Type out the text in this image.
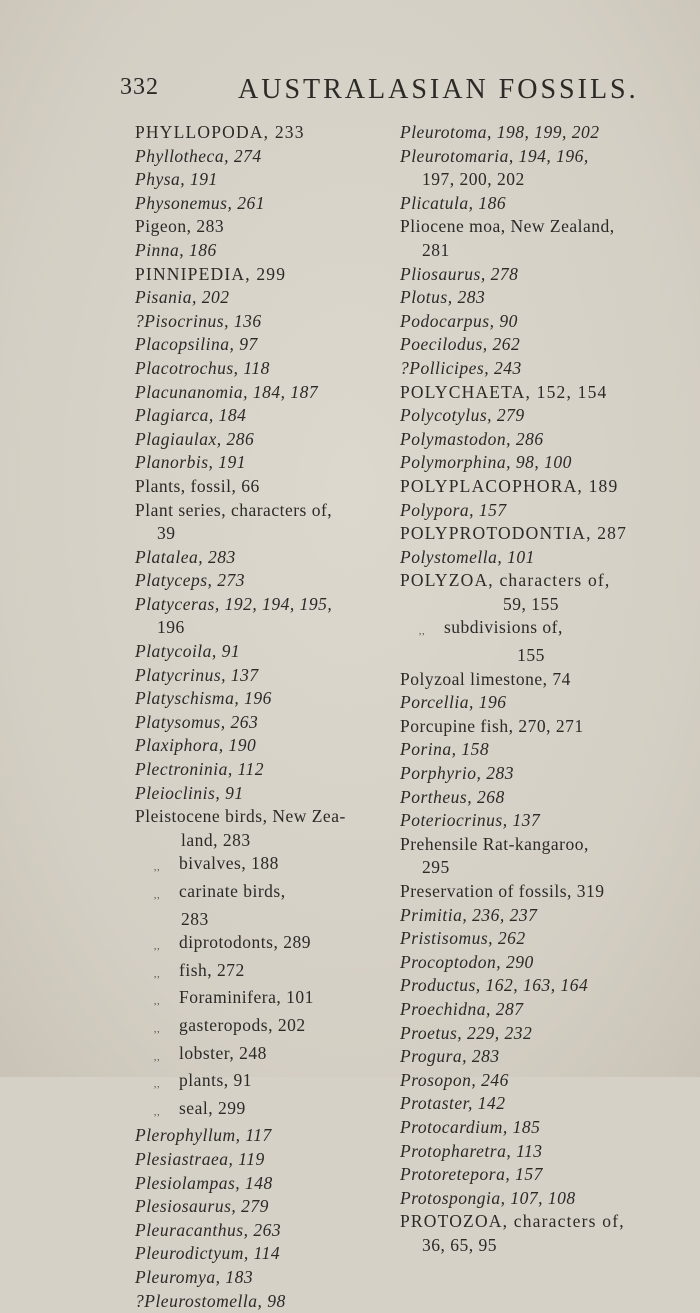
332	AUSTRALASIAN FOSSILS.
PHYLLOPODA, 233
Phyllotheca, 274
Physa, 191
Physonemus, 261
Pigeon, 283
Pinna, 186
PINNIPEDIA, 299
Pisania, 202
?Pisocrinus, 136
Placopsilina, 97
Placotrochus, 118
Placunanomia, 184, 187
Plagiarca, 184
Plagiaulax, 286
Planorbis, 191
Plants, fossil, 66
Plant series, characters of,
39
Platalea, 283
Platyceps, 273
Platyceras, 192, 194, 195,
196
Platycoila, 91
Platycrinus, 137
Platyschisma, 196
Platysomus, 263
Plaxiphora, 190
Plectroninia, 112
Pleioclinis, 91
Pleistocene birds, New Zea-
land, 283
,,	bivalves, 188
,,	carinate birds,
283
,,	diprotodonts, 289
,,	fish, 272
,,	Foraminifera, 101
,,	gasteropods, 202
,,	lobster, 248
,,	plants, 91
,,	seal, 299
Plerophyllum, 117
Plesiastraea, 119
Plesiolampas, 148
Plesiosaurus, 279
Pleuracanthus, 263
Pleurodictyum, 114
Pleuromya, 183
?Pleurostomella, 98
Pleurotoma, 198, 199, 202
Pleurotomaria, 194, 196,
197, 200, 202
Plicatula, 186
Pliocene moa, New Zealand,
281
Pliosaurus, 278
Plotus, 283
Podocarpus, 90
Poecilodus, 262
?Pollicipes, 243
POLYCHAETA, 152, 154
Polycotylus, 279
Polymastodon, 286
Polymorphina, 98, 100
POLYPLACOPHORA, 189
Polypora, 157
POLYPROTODONTIA, 287
Polystomella, 101
POLYZOA, characters of,
59, 155
,,	subdivisions of,
155
Polyzoal limestone, 74
Porcellia, 196
Porcupine fish, 270, 271
Porina, 158
Porphyrio, 283
Portheus, 268
Poteriocrinus, 137
Prehensile Rat-kangaroo,
295
Preservation of fossils, 319
Primitia, 236, 237
Pristisomus, 262
Procoptodon, 290
Productus, 162, 163, 164
Proechidna, 287
Proetus, 229, 232
Progura, 283
Prosopon, 246
Protaster, 142
Protocardium, 185
Protopharetra, 113
Protoretepora, 157
Protospongia, 107, 108
PROTOZOA, characters of,
36, 65, 95
